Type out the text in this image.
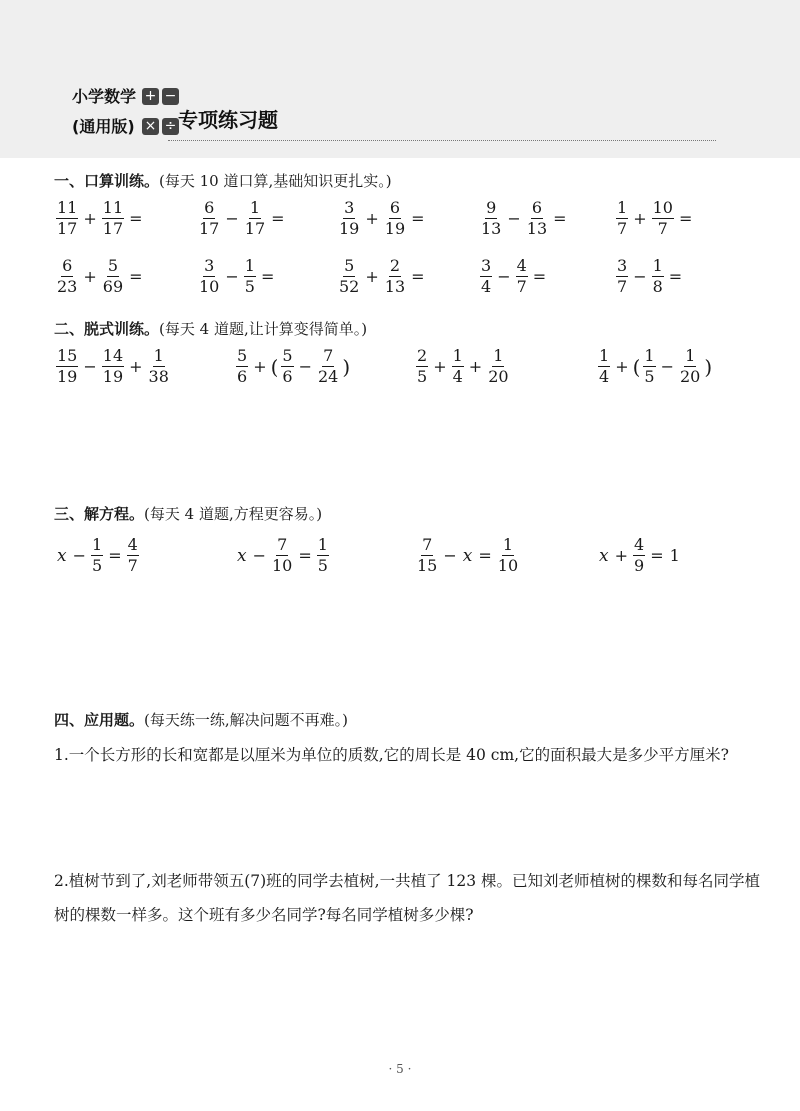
小学数学
(通用版)
+ −
× ÷ 专项练习题
一、口算训练。(每天 10 道口算,基础知识更扎实。)
$\frac{11}{17} + \frac{11}{17}$ =	$\frac{6}{17} - \frac{1}{17}$ =	$\frac{3}{19} + \frac{6}{19}$ =	$\frac{9}{13} - \frac{6}{13}$ =	$\frac{1}{7} + \frac{10}{7}$ =
$\frac{6}{23} + \frac{5}{69}$ =	$\frac{3}{10} - \frac{1}{5}$ =	$\frac{5}{52} + \frac{2}{13}$ =	$\frac{3}{4} - \frac{4}{7}$ =	$\frac{3}{7} - \frac{1}{8}$ =
二、脱式训练。(每天 4 道题,让计算变得简单。)
$\frac{15}{19} - \frac{14}{19} + \frac{1}{38}$	$\frac{5}{6}$ + ( $\frac{5}{6} - \frac{7}{24}$ )	$\frac{2}{5} + \frac{1}{4} + \frac{1}{20}$	$\frac{1}{4}$ + ( $\frac{1}{5} - \frac{1}{20}$ )
三、解方程。(每天 4 道题,方程更容易。)
$x - \frac{1}{5} = \frac{4}{7}$	$x - \frac{7}{10} = \frac{1}{5}$	$\frac{7}{15} - x = \frac{1}{10}$	$x + \frac{4}{9} = 1$
四、应用题。(每天练一练,解决问题不再难。)
1.一个长方形的长和宽都是以厘米为单位的质数,它的周长是 40 cm,它的面积最大是多少平方厘米?
2.植树节到了,刘老师带领五(7)班的同学去植树,一共植了 123 棵。已知刘老师植树的棵数和每名同学植树的棵数一样多。这个班有多少名同学?每名同学植树多少棵?
· 5 ·
